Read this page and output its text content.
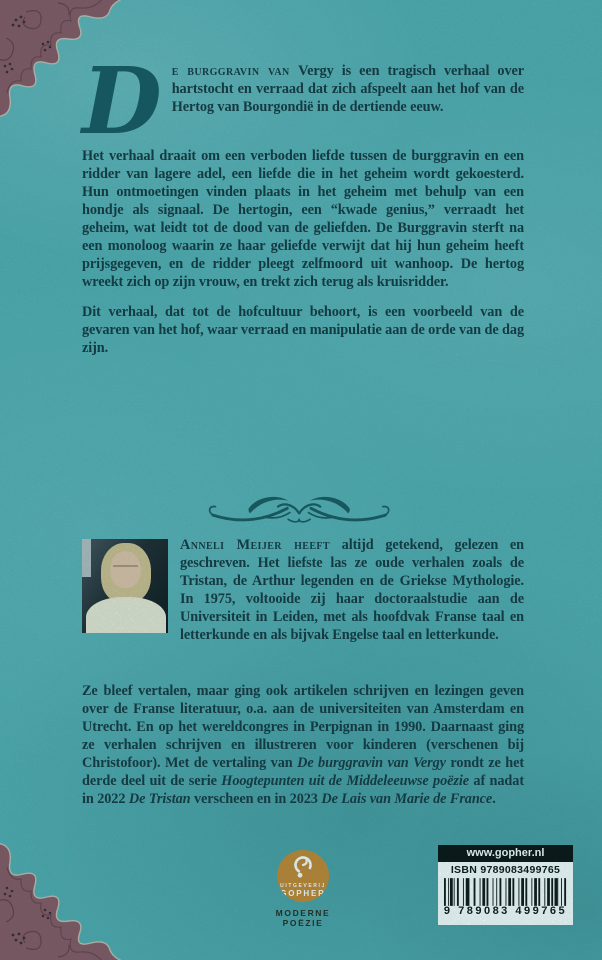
De burggravin van Vergy is een tragisch verhaal over hartstocht en verraad dat zich afspeelt aan het hof van de Hertog van Bourgondië in de dertiende eeuw.
Het verhaal draait om een verboden liefde tussen de burggravin en een ridder van lagere adel, een liefde die in het geheim wordt gekoesterd. Hun ontmoetingen vinden plaats in het geheim met behulp van een hondje als signaal. De hertogin, een “kwade genius,” verraadt het geheim, wat leidt tot de dood van de geliefden. De Burggravin sterft na een monoloog waarin ze haar geliefde verwijt dat hij hun geheim heeft prijsgegeven, en de ridder pleegt zelfmoord uit wanhoop. De hertog wreekt zich op zijn vrouw, en trekt zich terug als kruisridder.
Dit verhaal, dat tot de hofcultuur behoort, is een voorbeeld van de gevaren van het hof, waar verraad en manipulatie aan de orde van de dag zijn.
Anneli Meijer heeft altijd getekend, gelezen en geschreven. Het liefste las ze oude verhalen zoals de Tristan, de Arthur legenden en de Griekse Mythologie. In 1975, voltooide zij haar doctoraalstudie aan de Universiteit in Leiden, met als hoofdvak Franse taal en letterkunde en als bijvak Engelse taal en letterkunde.
Ze bleef vertalen, maar ging ook artikelen schrijven en lezingen geven over de Franse literatuur, o.a. aan de universiteiten van Amsterdam en Utrecht. En op het wereldcongres in Perpignan in 1990. Daarnaast ging ze verhalen schrijven en illustreren voor kinderen (verschenen bij Christofoor). Met de vertaling van De burggravin van Vergy rondt ze het derde deel uit de serie Hoogtepunten uit de Middeleeuwse poëzie af nadat in 2022 De Tristan verscheen en in 2023 De Lais van Marie de France.
UITGEVERIJ
GOPHER
MODERNE
POËZIE
www.gopher.nl
ISBN 9789083499765
9 789083 499765
